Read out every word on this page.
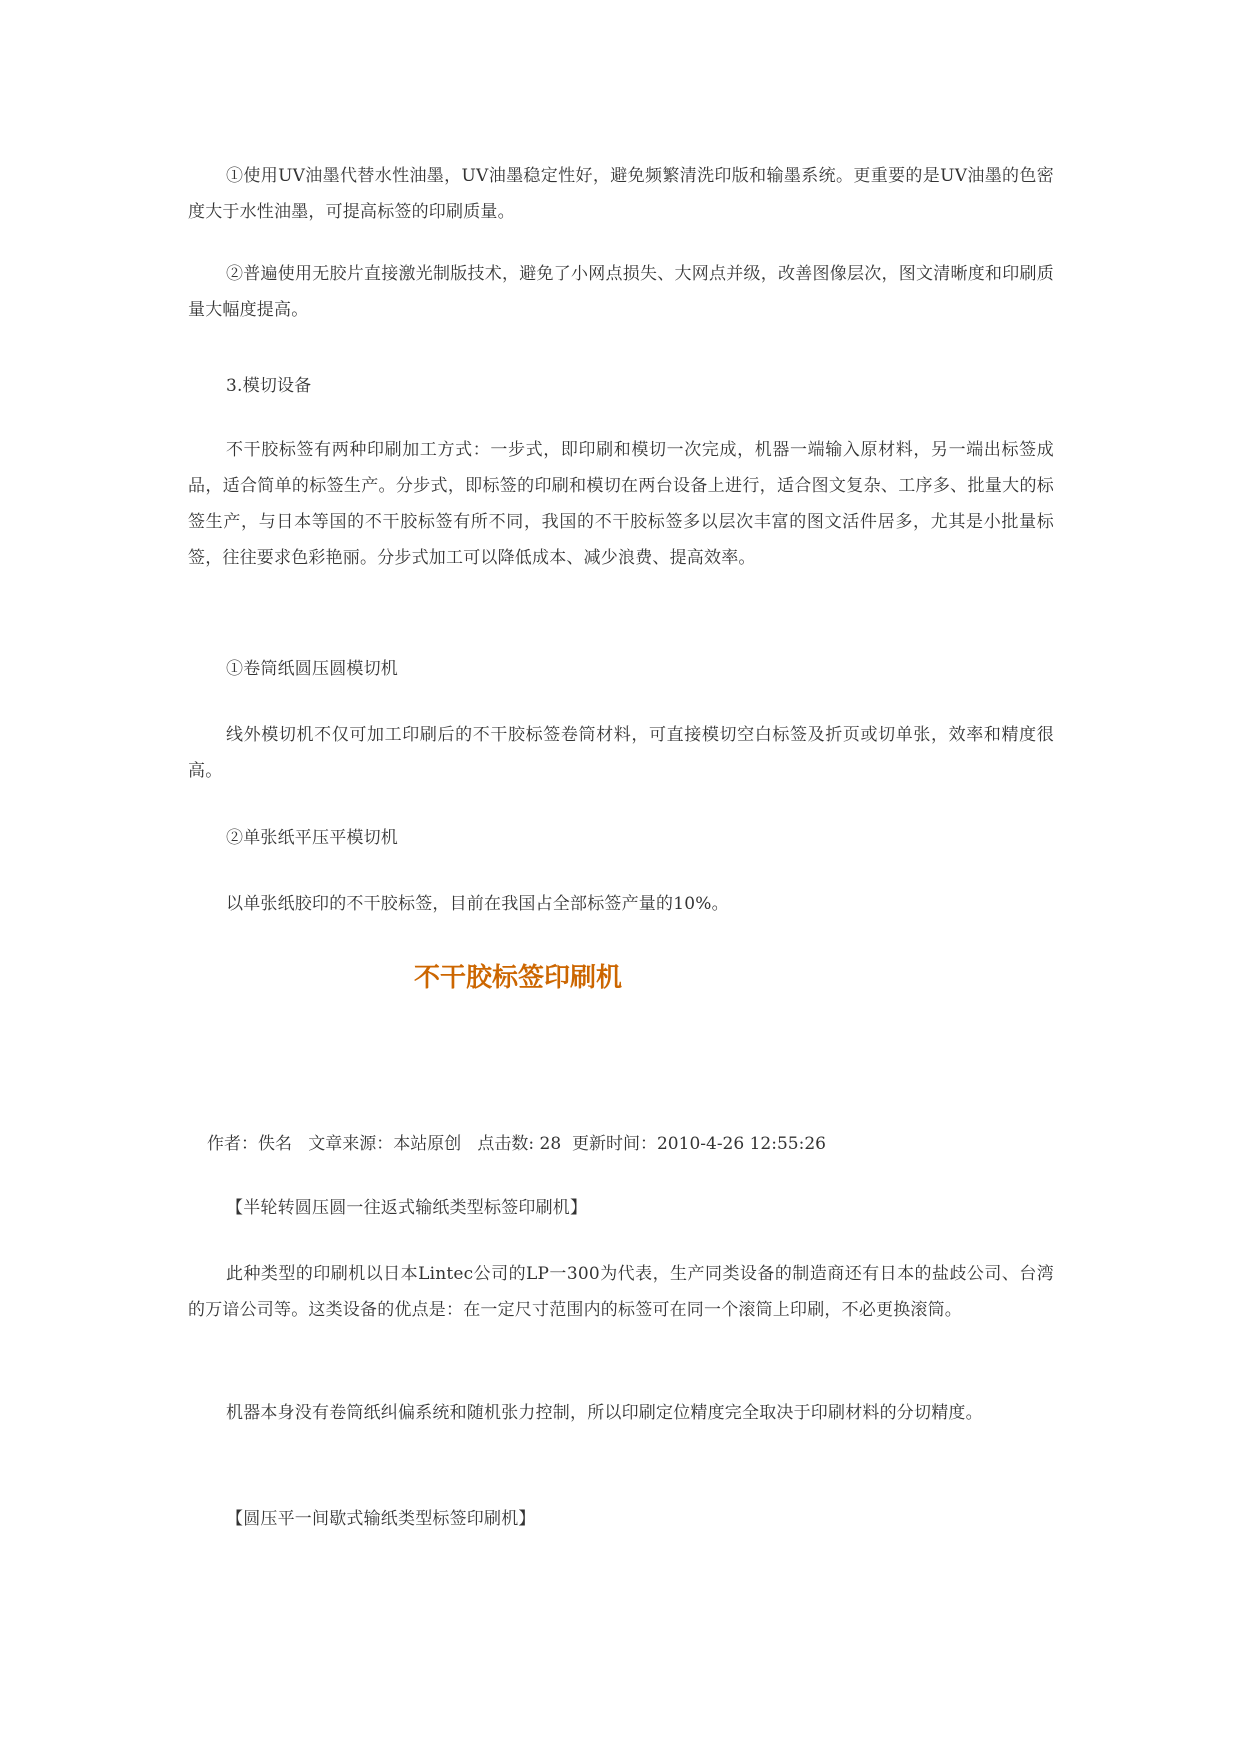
①使用UV油墨代替水性油墨，UV油墨稳定性好，避免频繁清洗印版和输墨系统。更重要的是UV油墨的色密度大于水性油墨，可提高标签的印刷质量。

②普遍使用无胶片直接激光制版技术，避免了小网点损失、大网点并级，改善图像层次，图文清晰度和印刷质量大幅度提高。

3.模切设备

不干胶标签有两种印刷加工方式：一步式，即印刷和模切一次完成，机器一端输入原材料，另一端出标签成品，适合简单的标签生产。分步式，即标签的印刷和模切在两台设备上进行，适合图文复杂、工序多、批量大的标签生产，与日本等国的不干胶标签有所不同，我国的不干胶标签多以层次丰富的图文活件居多，尤其是小批量标签，往往要求色彩艳丽。分步式加工可以降低成本、减少浪费、提高效率。

①卷筒纸圆压圆模切机

线外模切机不仅可加工印刷后的不干胶标签卷筒材料，可直接模切空白标签及折页或切单张，效率和精度很高。

②单张纸平压平模切机

以单张纸胶印的不干胶标签，目前在我国占全部标签产量的10%。

不干胶标签印刷机

作者：佚名   文章来源：本站原创   点击数: 28  更新时间：2010-4-26 12:55:26

【半轮转圆压圆一往返式输纸类型标签印刷机】

此种类型的印刷机以日本Lintec公司的LP一300为代表，生产同类设备的制造商还有日本的盐歧公司、台湾的万谙公司等。这类设备的优点是：在一定尺寸范围内的标签可在同一个滚筒上印刷，不必更换滚筒。

机器本身没有卷筒纸纠偏系统和随机张力控制，所以印刷定位精度完全取决于印刷材料的分切精度。

【圆压平一间歇式输纸类型标签印刷机】
